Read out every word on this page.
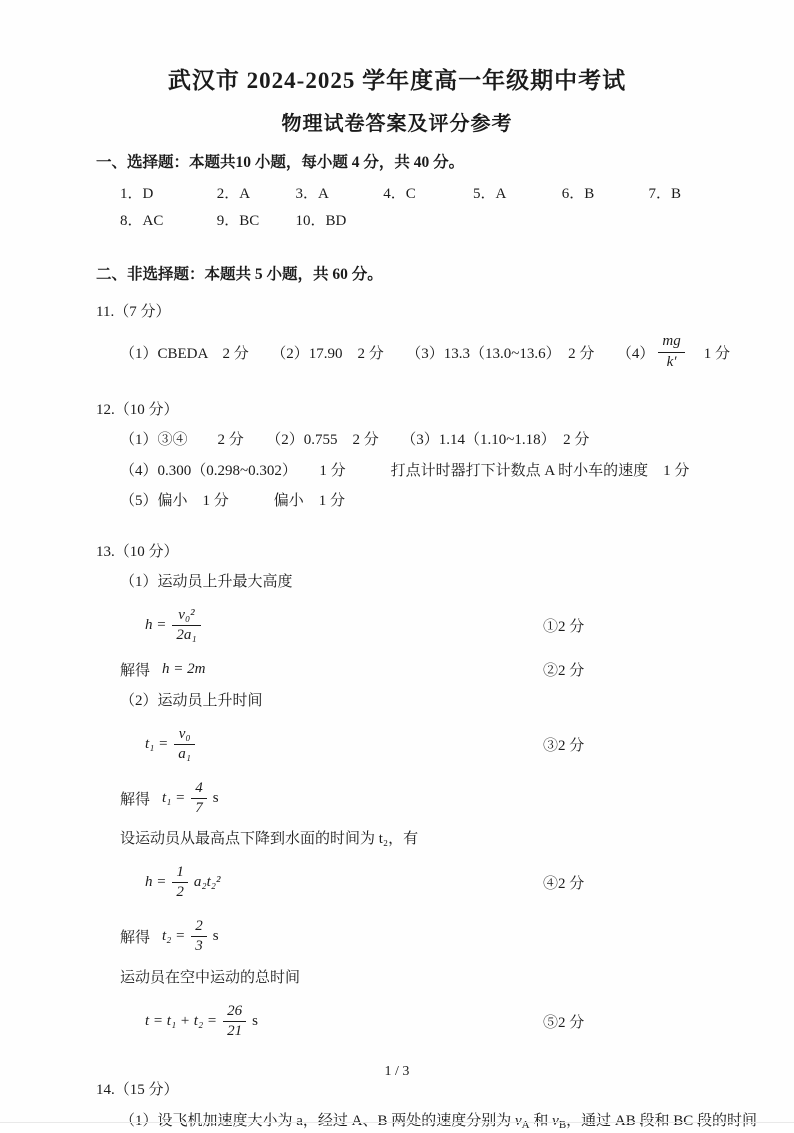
武汉市 2024-2025 学年度高一年级期中考试
物理试卷答案及评分参考
一、选择题：本题共10 小题，每小题 4 分，共 40 分。
1．D	2．A	3．A	4．C	5．A	6．B	7．B
8．AC	9．BC 10．BD
二、非选择题：本题共 5 小题，共 60 分。
11.（7 分）
（1）CBEDA　2 分　　（2）17.90　2 分　　（3）13.3（13.0~13.6）　2 分　　$(4) \frac{mg}{k'}$ 　1 分
12.（10 分）
（1）③④　　2 分　　（2）0.755　2 分　　（3）1.14（1.10~1.18）　2 分
（4）0.300（0.298~0.302）　　1 分　　　打点计时器打下计数点 A 时小车的速度　1 分
（5）偏小　1 分　　　偏小　1 分
13.（10 分）
（1）运动员上升最大高度
$h = \frac{\text{v₀²}}{\text{2a₁}}$	①2 分
解得 h = 2m	②2 分
（2）运动员上升时间
$t_1 = \frac{\text{v₀}}{\text{a₁}}$	③2 分
解得 $t_1 = \frac{4}{7}$ s
设运动员从最高点下降到水面的时间为 t₂，有
$h = \frac{1}{2} a_2t_2^2$	④2 分
解得 $t_2 = \frac{2}{3}$ s
运动员在空中运动的总时间
$t = t_1 + t_2 = \frac{26}{21}$ s	⑤2 分
14.（15 分）
（1）设飞机加速度大小为 a，经过 A、B 两处的速度分别为 $v_A$ 和 $v_B$，通过 AB 段和 BC 段的时间
1 / 3
